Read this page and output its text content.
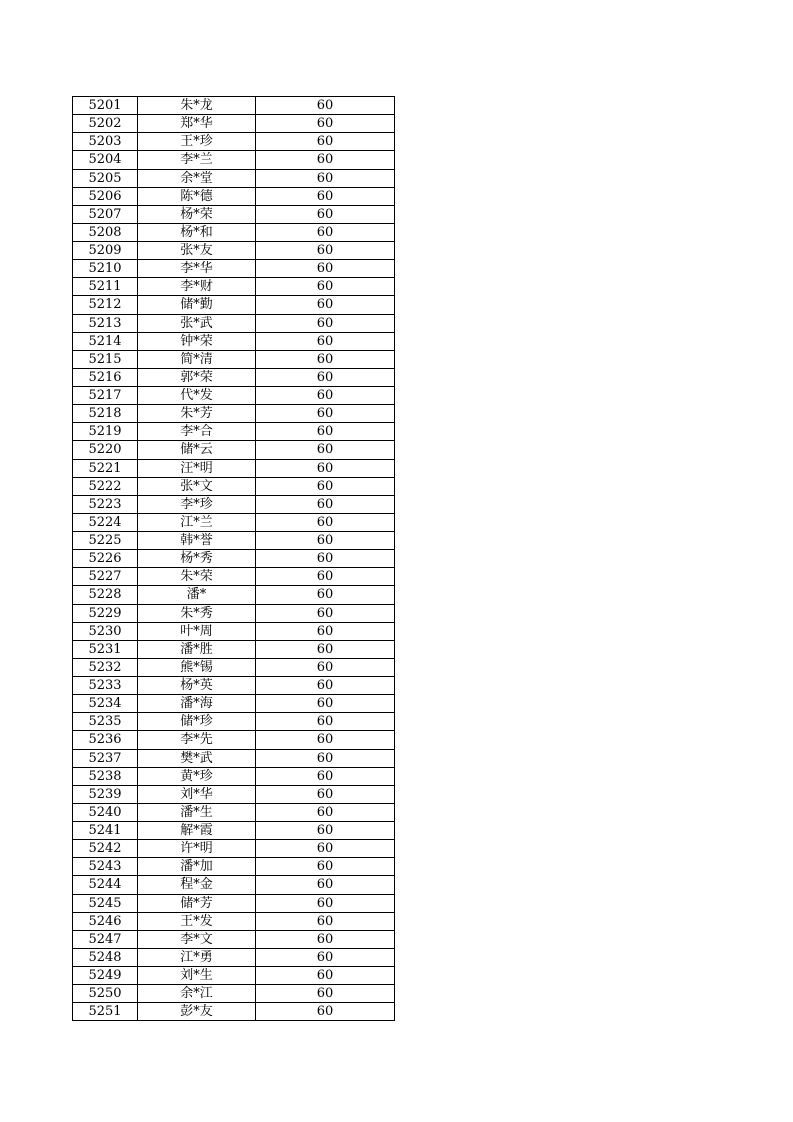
5201	朱*龙	60
5202	郑*华	60
5203	王*珍	60
5204	李*兰	60
5205	余*堂	60
5206	陈*德	60
5207	杨*荣	60
5208	杨*和	60
5209	张*友	60
5210	李*华	60
5211	李*财	60
5212	储*勤	60
5213	张*武	60
5214	钟*荣	60
5215	简*清	60
5216	郭*荣	60
5217	代*发	60
5218	朱*芳	60
5219	李*合	60
5220	储*云	60
5221	汪*明	60
5222	张*文	60
5223	李*珍	60
5224	江*兰	60
5225	韩*誉	60
5226	杨*秀	60
5227	朱*荣	60
5228	潘*	60
5229	朱*秀	60
5230	叶*周	60
5231	潘*胜	60
5232	熊*锡	60
5233	杨*英	60
5234	潘*海	60
5235	储*珍	60
5236	李*先	60
5237	樊*武	60
5238	黄*珍	60
5239	刘*华	60
5240	潘*生	60
5241	解*霞	60
5242	许*明	60
5243	潘*加	60
5244	程*金	60
5245	储*芳	60
5246	王*发	60
5247	李*文	60
5248	江*勇	60
5249	刘*生	60
5250	余*江	60
5251	彭*友	60
